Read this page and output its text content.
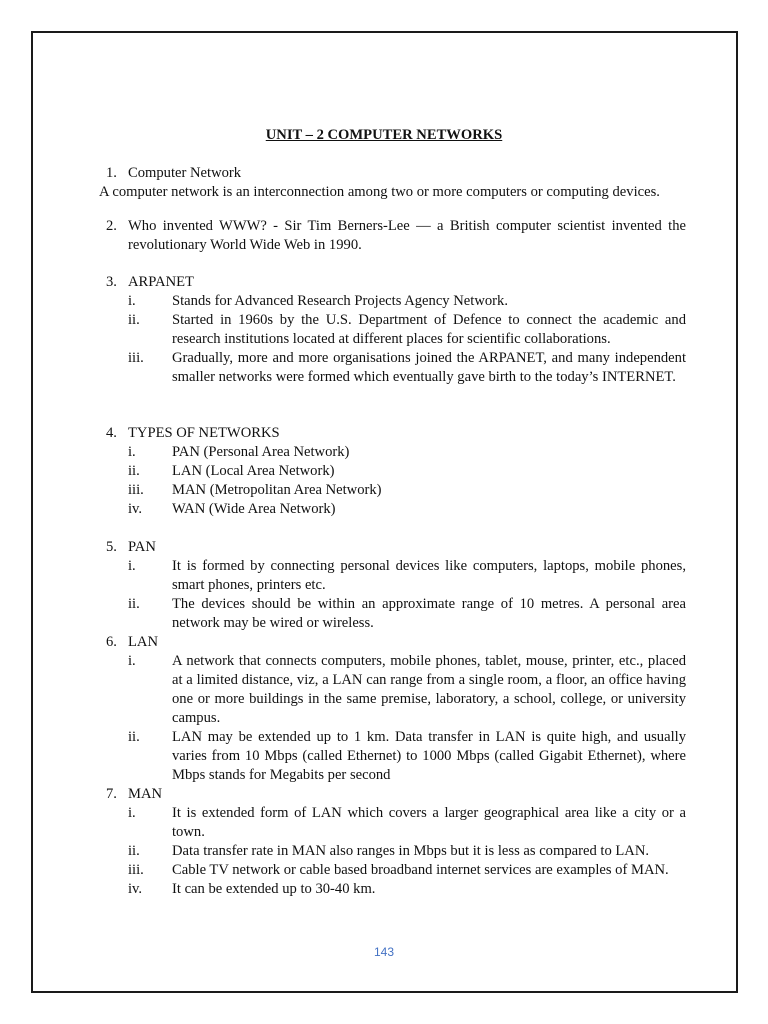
UNIT – 2 COMPUTER NETWORKS
1. Computer Network
A computer network is an interconnection among two or more computers or computing devices.
2. Who invented WWW? - Sir Tim Berners-Lee — a British computer scientist invented the revolutionary World Wide Web in 1990.
3. ARPANET
i. Stands for Advanced Research Projects Agency Network.
ii. Started in 1960s by the U.S. Department of Defence to connect the academic and research institutions located at different places for scientific collaborations.
iii. Gradually, more and more organisations joined the ARPANET, and many independent smaller networks were formed which eventually gave birth to the today’s INTERNET.
4. TYPES OF NETWORKS
i. PAN (Personal Area Network)
ii. LAN (Local Area Network)
iii. MAN (Metropolitan Area Network)
iv. WAN (Wide Area Network)
5. PAN
i. It is formed by connecting personal devices like computers, laptops, mobile phones, smart phones, printers etc.
ii. The devices should be within an approximate range of 10 metres. A personal area network may be wired or wireless.
6. LAN
i. A network that connects computers, mobile phones, tablet, mouse, printer, etc., placed at a limited distance, viz, a LAN can range from a single room, a floor, an office having one or more buildings in the same premise, laboratory, a school, college, or university campus.
ii. LAN may be extended up to 1 km. Data transfer in LAN is quite high, and usually varies from 10 Mbps (called Ethernet) to 1000 Mbps (called Gigabit Ethernet), where Mbps stands for Megabits per second
7. MAN
i. It is extended form of LAN which covers a larger geographical area like a city or a town.
ii. Data transfer rate in MAN also ranges in Mbps but it is less as compared to LAN.
iii. Cable TV network or cable based broadband internet services are examples of MAN.
iv. It can be extended up to 30-40 km.
143
